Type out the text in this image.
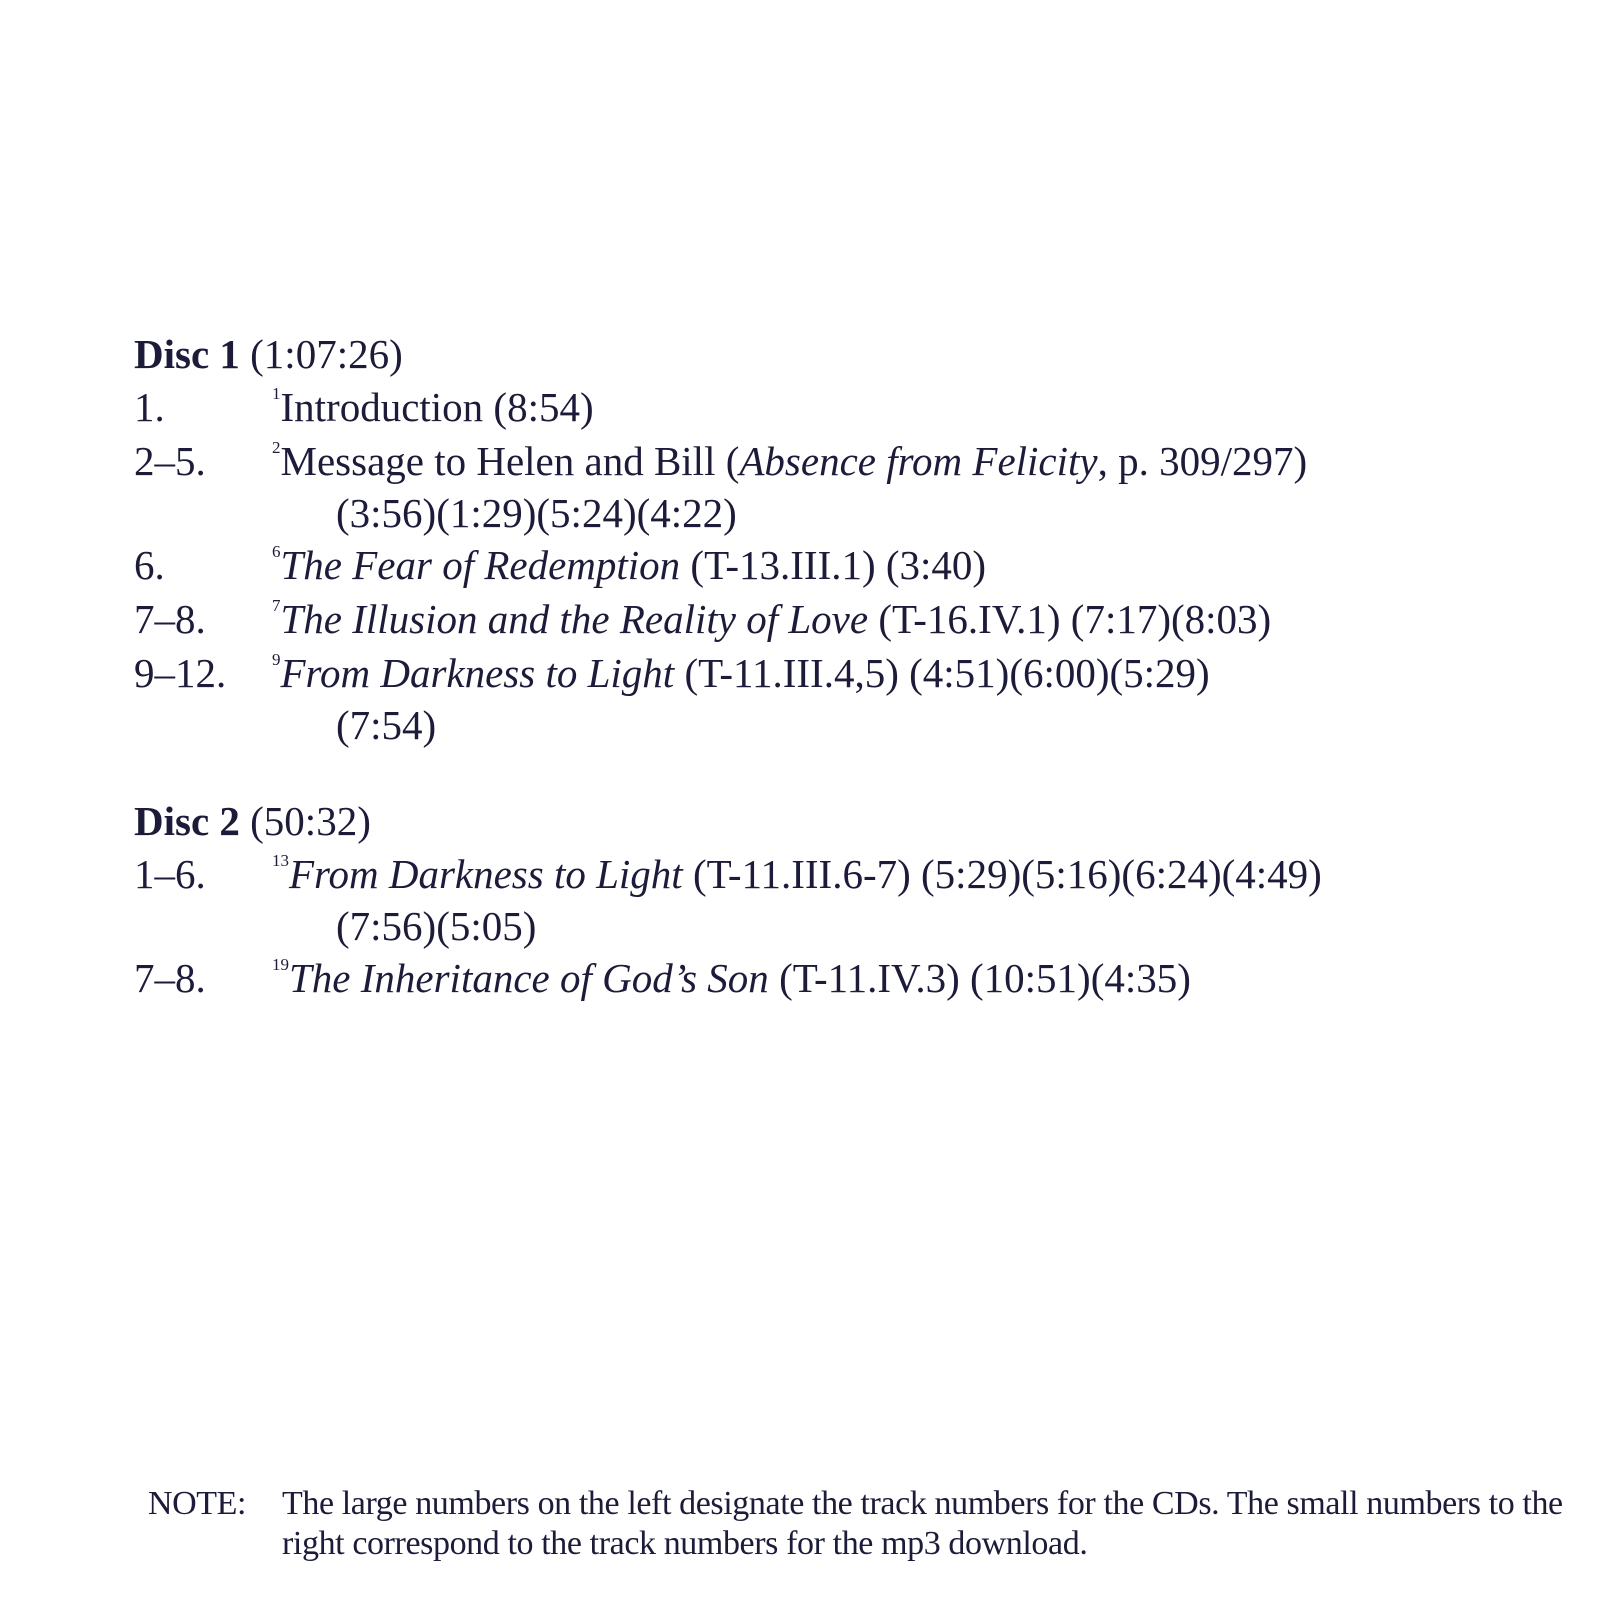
Disc 1 (1:07:26)
1.	$^1$Introduction (8:54)
2–5.	$^2$Message to Helen and Bill (Absence from Felicity, p. 309/297)
(3:56)(1:29)(5:24)(4:22)
6.	$^6$The Fear of Redemption (T-13.III.1) (3:40)
7–8.	$^7$The Illusion and the Reality of Love (T-16.IV.1) (7:17)(8:03)
9–12.	$^9$From Darkness to Light (T-11.III.4,5) (4:51)(6:00)(5:29)
(7:54)
Disc 2 (50:32)
1–6.	$^{13}$From Darkness to Light (T-11.III.6-7) (5:29)(5:16)(6:24)(4:49)
(7:56)(5:05)
7–8.	$^{19}$The Inheritance of God’s Son (T-11.IV.3) (10:51)(4:35)
NOTE: The large numbers on the left designate the track numbers for the CDs. The small numbers to the right correspond to the track numbers for the mp3 download.
